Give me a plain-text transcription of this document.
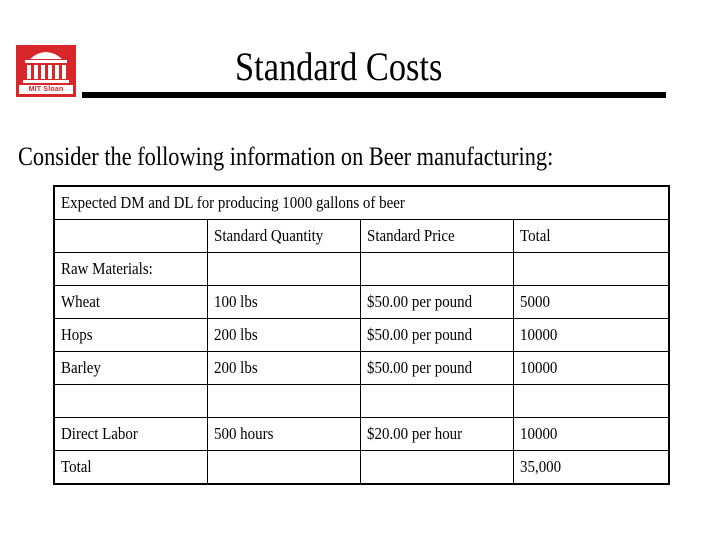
MIT Sloan
Standard Costs
Consider the following information on Beer manufacturing:
Expected DM and DL for producing 1000 gallons of beer			
	Standard Quantity	Standard Price	Total
Raw Materials:			
Wheat	100 lbs	$50.00 per pound	5000
Hops	200 lbs	$50.00 per pound	10000
Barley	200 lbs	$50.00 per pound	10000

Direct Labor	500 hours	$20.00 per hour	10000
Total			35,000
